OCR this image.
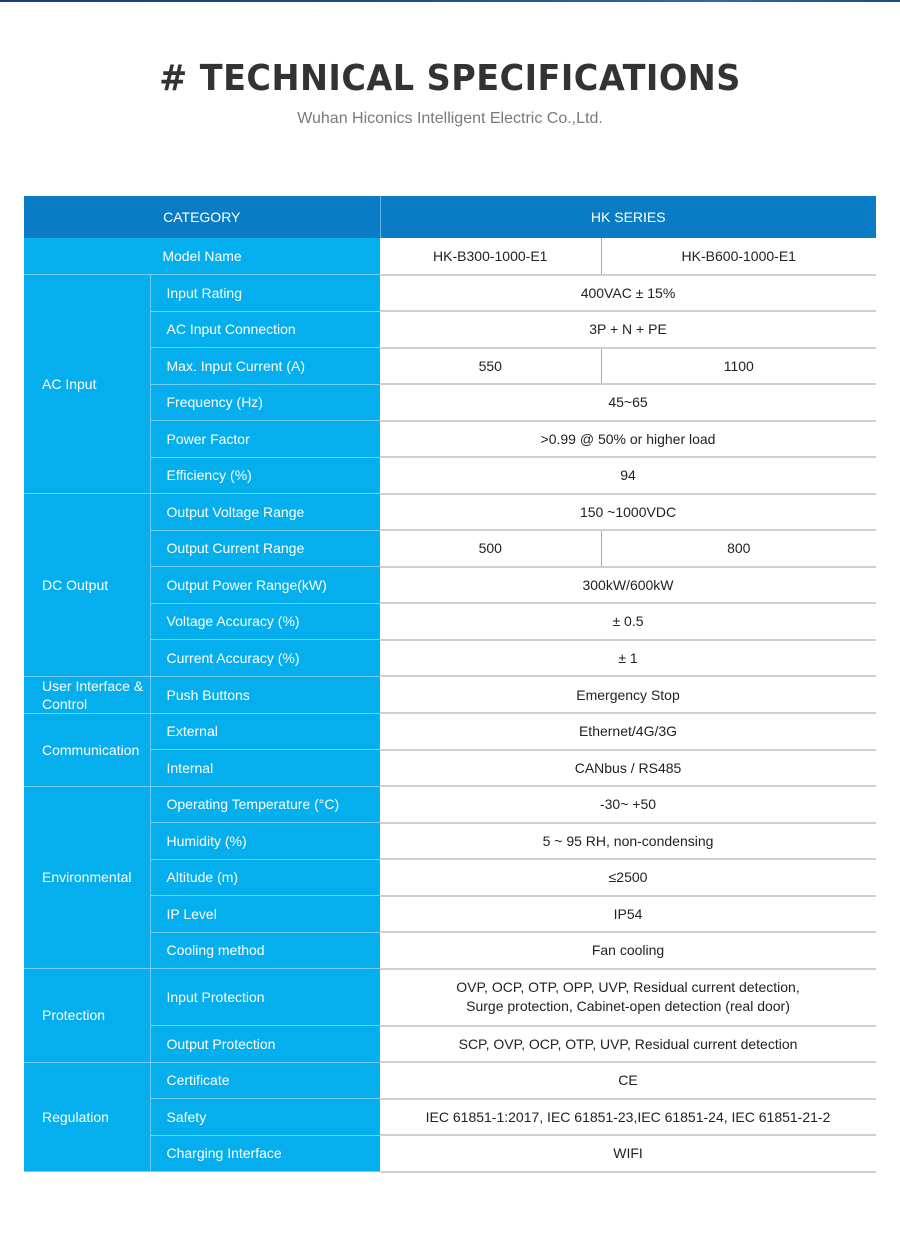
# TECHNICAL SPECIFICATIONS
Wuhan Hiconics Intelligent Electric Co.,Ltd.
CATEGORY		HK SERIES	
Model Name		HK-B300-1000-E1	HK-B600-1000-E1
AC Input	Input Rating	400VAC ± 15%	
	AC Input Connection	3P + N + PE	
	Max. Input Current (A)	550	1100
	Frequency (Hz)	45~65	
	Power Factor	>0.99 @ 50% or higher load	
	Efficiency (%)	94	
DC Output	Output Voltage Range	150 ~1000VDC	
	Output Current Range	500	800
	Output Power Range(kW)	300kW/600kW	
	Voltage Accuracy (%)	± 0.5	
	Current Accuracy (%)	± 1	
User Interface & Control	Push Buttons	Emergency Stop	
Communication	External	Ethernet/4G/3G	
	Internal	CANbus / RS485	
Environmental	Operating Temperature (°C)	-30~ +50	
	Humidity (%)	5 ~ 95 RH, non-condensing	
	Altitude (m)	≤2500	
	IP Level	IP54	
	Cooling method	Fan cooling	
Protection	Input Protection	OVP, OCP, OTP, OPP, UVP, Residual current detection,
Surge protection, Cabinet-open detection (real door)	

	Output Protection	SCP, OVP, OCP, OTP, UVP, Residual current detection	
Regulation	Certificate	CE	
	Safety	IEC 61851-1:2017, IEC 61851-23,IEC 61851-24, IEC 61851-21-2	
	Charging Interface	WIFI	
